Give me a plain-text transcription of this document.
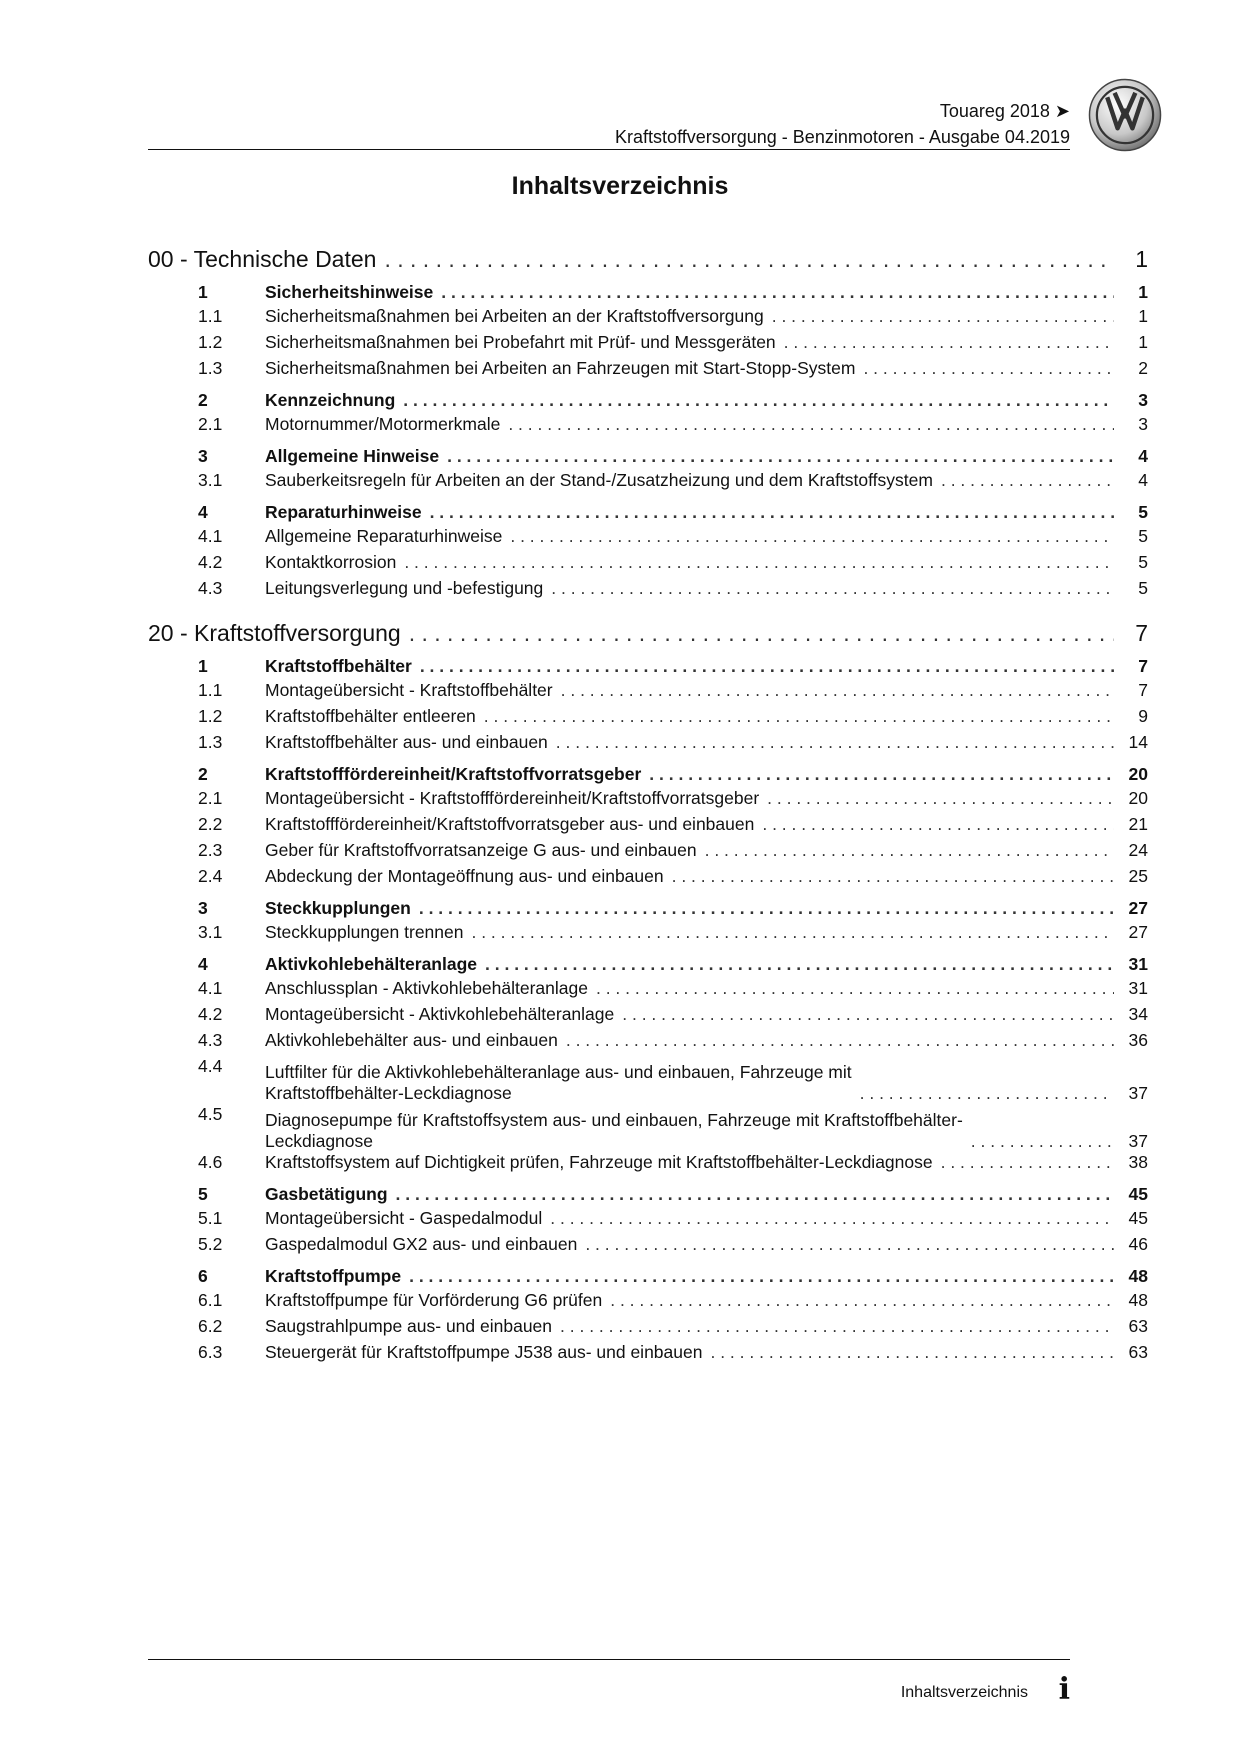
Touareg 2018 ➤
Kraftstoffversorgung - Benzinmotoren - Ausgabe 04.2019
Inhaltsverzeichnis
00 - Technische Daten . . .	1
1	Sicherheitshinweise . . .	1
1.1	Sicherheitsmaßnahmen bei Arbeiten an der Kraftstoffversorgung . . .	1
1.2	Sicherheitsmaßnahmen bei Probefahrt mit Prüf- und Messgeräten . . .	1
1.3	Sicherheitsmaßnahmen bei Arbeiten an Fahrzeugen mit Start-Stopp-System . . .	2
2	Kennzeichnung . . .	3
2.1	Motornummer/Motormerkmale . . .	3
3	Allgemeine Hinweise . . .	4
3.1	Sauberkeitsregeln für Arbeiten an der Stand-/Zusatzheizung und dem Kraftstoffsystem . . .	4
4	Reparaturhinweise . . .	5
4.1	Allgemeine Reparaturhinweise . . .	5
4.2	Kontaktkorrosion . . .	5
4.3	Leitungsverlegung und -befestigung . . .	5
20 - Kraftstoffversorgung . . .	7
1	Kraftstoffbehälter . . .	7
1.1	Montageübersicht - Kraftstoffbehälter . . .	7
1.2	Kraftstoffbehälter entleeren . . .	9
1.3	Kraftstoffbehälter aus- und einbauen . . .	14
2	Kraftstofffördereinheit/Kraftstoffvorratsgeber . . .	20
2.1	Montageübersicht - Kraftstofffördereinheit/Kraftstoffvorratsgeber . . .	20
2.2	Kraftstofffördereinheit/Kraftstoffvorratsgeber aus- und einbauen . . .	21
2.3	Geber für Kraftstoffvorratsanzeige G aus- und einbauen . . .	24
2.4	Abdeckung der Montageöffnung aus- und einbauen . . .	25
3	Steckkupplungen . . .	27
3.1	Steckkupplungen trennen . . .	27
4	Aktivkohlebehälteranlage . . .	31
4.1	Anschlussplan - Aktivkohlebehälteranlage . . .	31
4.2	Montageübersicht - Aktivkohlebehälteranlage . . .	34
4.3	Aktivkohlebehälter aus- und einbauen . . .	36
4.4 Luftfilter für die Aktivkohlebehälteranlage aus- und einbauen, Fahrzeuge mit
Kraftstoffbehälter-Leckdiagnose . . .	37
4.5 Diagnosepumpe für Kraftstoffsystem aus- und einbauen, Fahrzeuge mit Kraftstoffbehälter-
Leckdiagnose . . .	37
4.6	Kraftstoffsystem auf Dichtigkeit prüfen, Fahrzeuge mit Kraftstoffbehälter-Leckdiagnose . . .	38
5	Gasbetätigung . . .	45
5.1	Montageübersicht - Gaspedalmodul . . .	45
5.2	Gaspedalmodul GX2 aus- und einbauen . . .	46
6	Kraftstoffpumpe . . .	48
6.1	Kraftstoffpumpe für Vorförderung G6 prüfen . . .	48
6.2	Saugstrahlpumpe aus- und einbauen . . .	63
6.3	Steuergerät für Kraftstoffpumpe J538 aus- und einbauen . . .	63
Inhaltsverzeichnis i
